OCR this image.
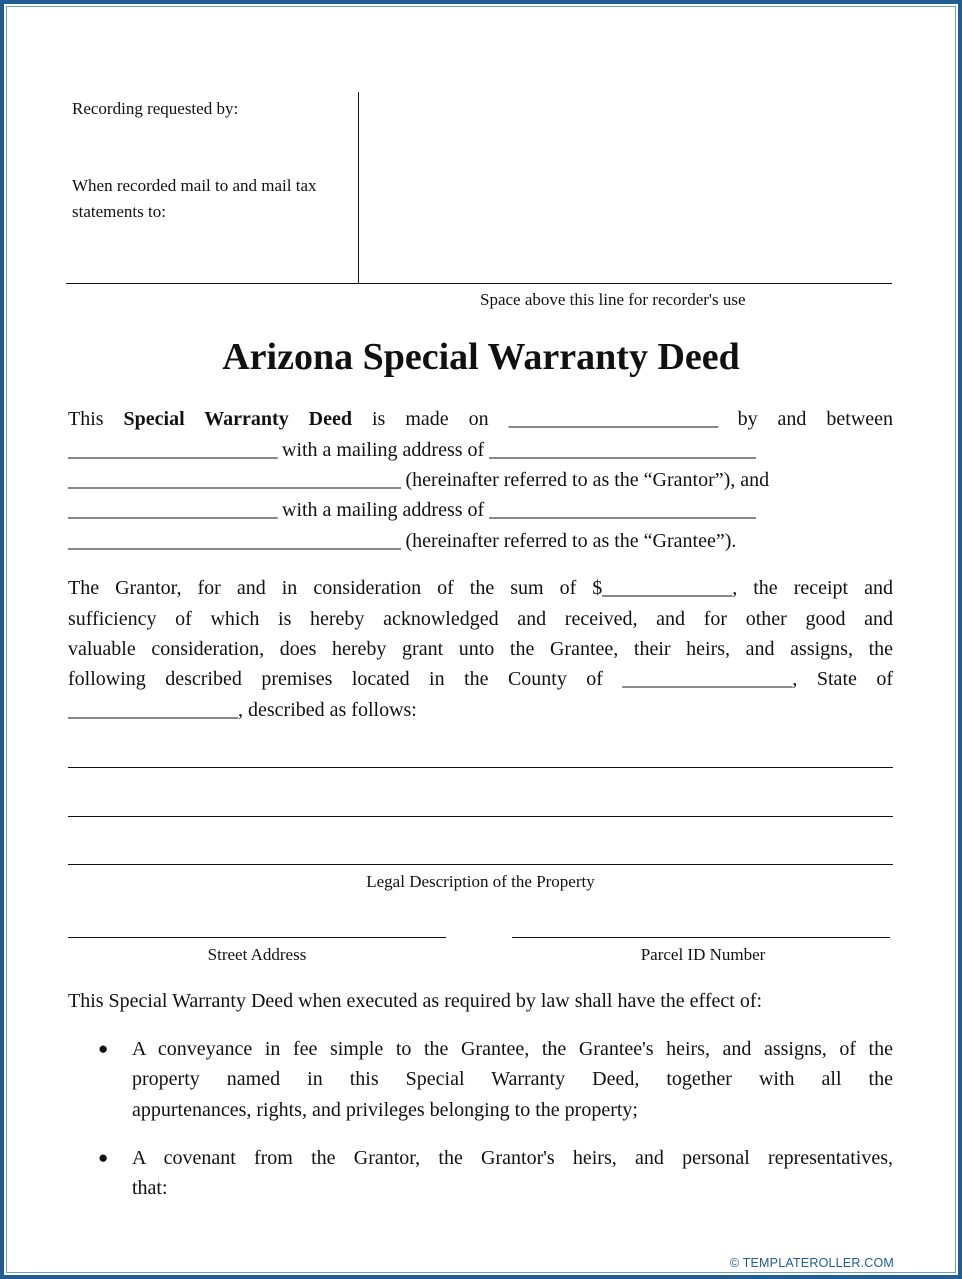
Recording requested by:
When recorded mail to and mail tax
statements to:
Space above this line for recorder's use
Arizona Special Warranty Deed
This Special Warranty Deed is made on ______________________ by and between
______________________ with a mailing address of ____________________________
___________________________________ (hereinafter referred to as the “Grantor”), and
______________________ with a mailing address of ____________________________
___________________________________ (hereinafter referred to as the “Grantee”).
The Grantor, for and in consideration of the sum of $_____________, the receipt and
sufficiency of which is hereby acknowledged and received, and for other good and
valuable consideration, does hereby grant unto the Grantee, their heirs, and assigns, the
following described premises located in the County of _________________, State of
_________________, described as follows:
Legal Description of the Property
Street Address	Parcel ID Number
This Special Warranty Deed when executed as required by law shall have the effect of:
● A conveyance in fee simple to the Grantee, the Grantee's heirs, and assigns, of the
property named in this Special Warranty Deed, together with all the
appurtenances, rights, and privileges belonging to the property;
● A covenant from the Grantor, the Grantor's heirs, and personal representatives,
that:
© TEMPLATEROLLER.COM
